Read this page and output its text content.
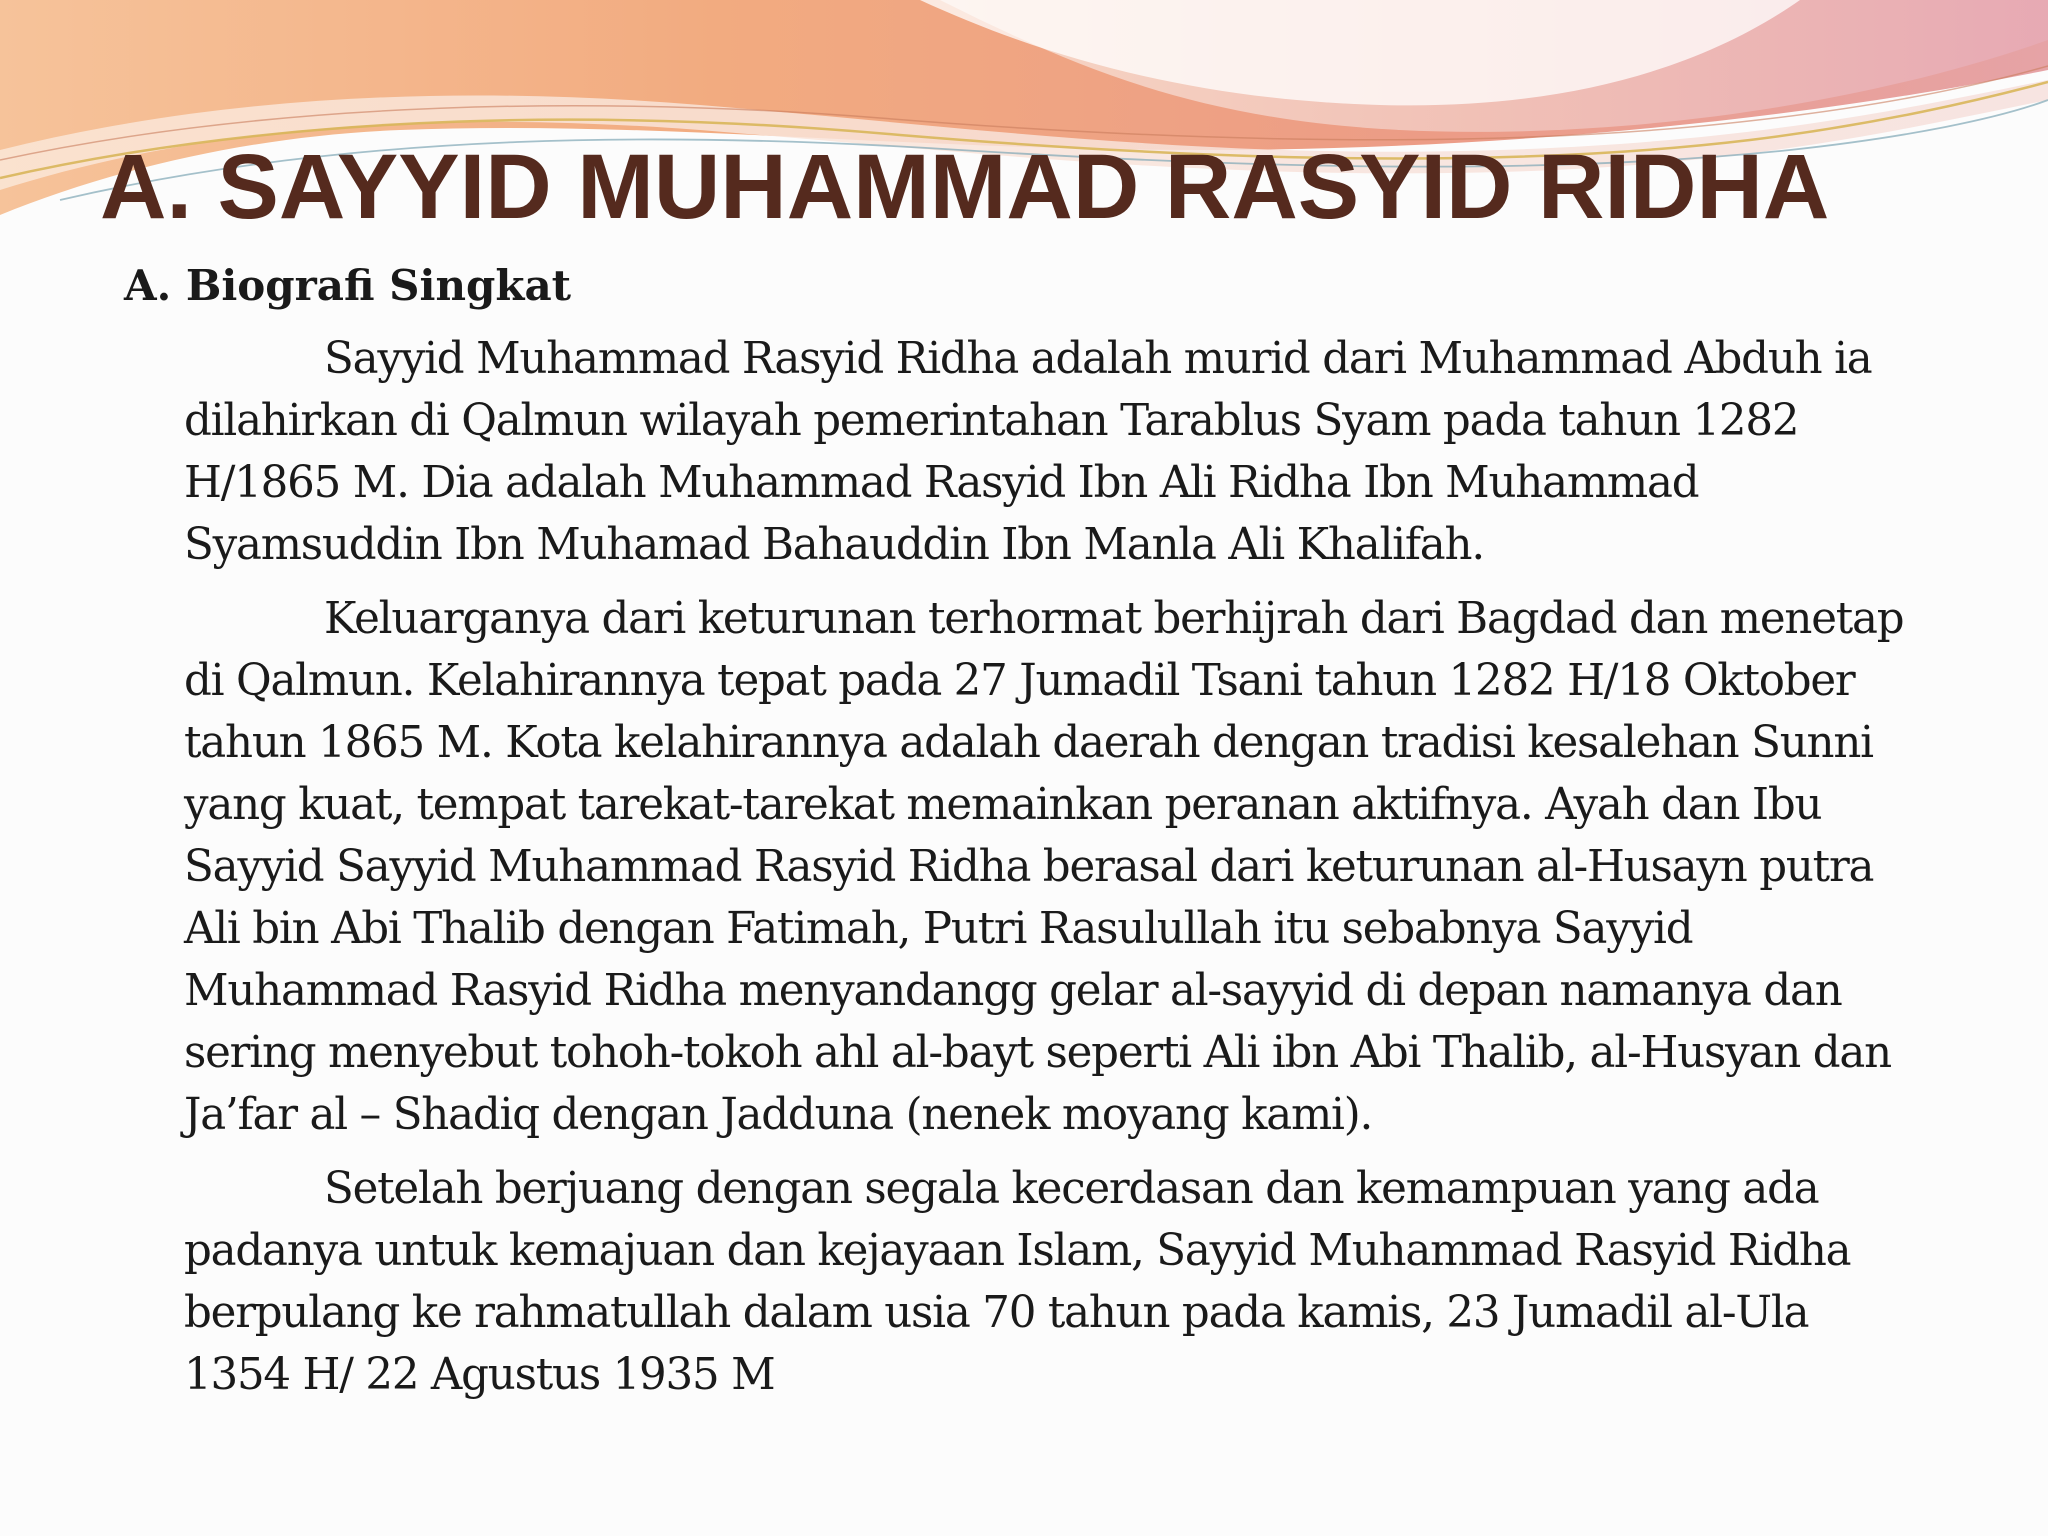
A. SAYYID MUHAMMAD RASYID RIDHA
A. Biografi Singkat

Sayyid Muhammad Rasyid Ridha adalah murid dari Muhammad Abduh ia dilahirkan di Qalmun wilayah pemerintahan Tarablus Syam pada tahun 1282 H/1865 M. Dia adalah Muhammad Rasyid Ibn Ali Ridha Ibn Muhammad Syamsuddin Ibn Muhamad Bahauddin Ibn Manla Ali Khalifah.

Keluarganya dari keturunan terhormat berhijrah dari Bagdad dan menetap di Qalmun. Kelahirannya tepat pada 27 Jumadil Tsani tahun 1282 H/18 Oktober tahun 1865 M. Kota kelahirannya adalah daerah dengan tradisi kesalehan Sunni yang kuat, tempat tarekat-tarekat memainkan peranan aktifnya. Ayah dan Ibu Sayyid Sayyid Muhammad Rasyid Ridha berasal dari keturunan al-Husayn putra Ali bin Abi Thalib dengan Fatimah, Putri Rasulullah itu sebabnya Sayyid Muhammad Rasyid Ridha menyandangg gelar al-sayyid di depan namanya dan sering menyebut tohoh-tokoh ahl al-bayt seperti Ali ibn Abi Thalib, al-Husyan dan Ja’far al – Shadiq dengan Jadduna (nenek moyang kami).

Setelah berjuang dengan segala kecerdasan dan kemampuan yang ada padanya untuk kemajuan dan kejayaan Islam, Sayyid Muhammad Rasyid Ridha berpulang ke rahmatullah dalam usia 70 tahun pada kamis, 23 Jumadil al-Ula 1354 H/ 22 Agustus 1935 M
